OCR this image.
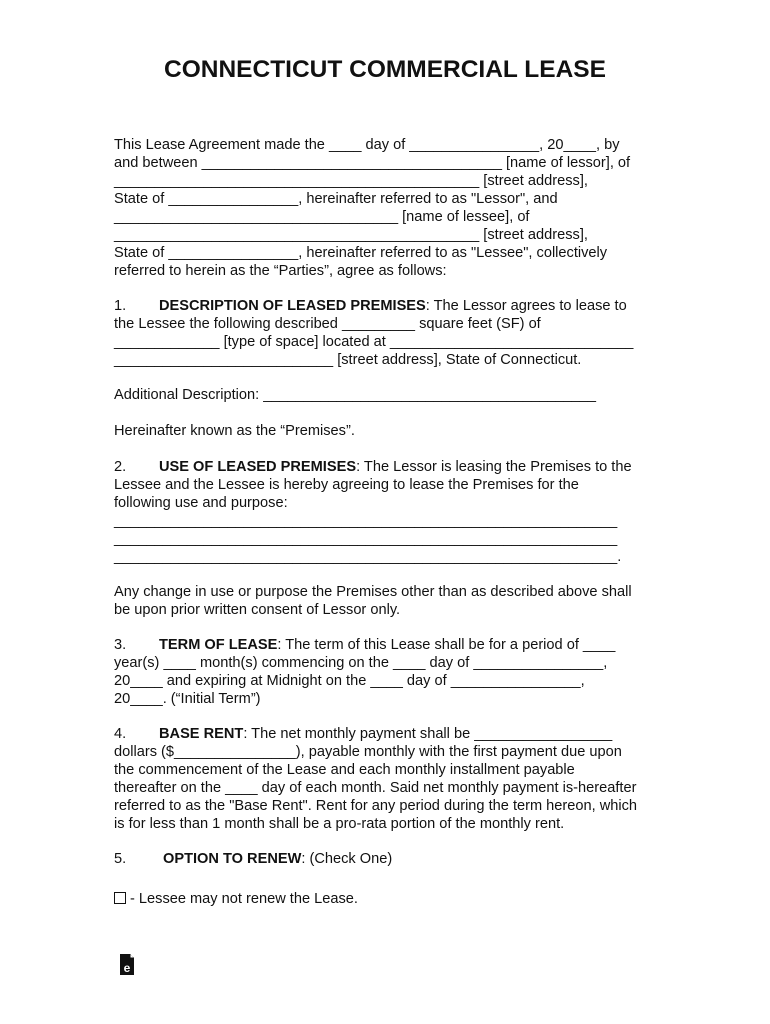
CONNECTICUT COMMERCIAL LEASE
This Lease Agreement made the ____ day of ________________, 20____, by
and between _____________________________________ [name of lessor], of
_____________________________________________ [street address],
State of ________________, hereinafter referred to as "Lessor", and
___________________________________ [name of lessee], of
_____________________________________________ [street address],
State of ________________, hereinafter referred to as "Lessee", collectively
referred to herein as the “Parties”, agree as follows:
1. DESCRIPTION OF LEASED PREMISES: The Lessor agrees to lease to
the Lessee the following described _________ square feet (SF) of
_____________ [type of space] located at ______________________________
___________________________ [street address], State of Connecticut.
Additional Description: _________________________________________
Hereinafter known as the “Premises”.
2. USE OF LEASED PREMISES: The Lessor is leasing the Premises to the
Lessee and the Lessee is hereby agreeing to lease the Premises for the
following use and purpose:
______________________________________________________________
______________________________________________________________
______________________________________________________________.
Any change in use or purpose the Premises other than as described above shall
be upon prior written consent of Lessor only.
3. TERM OF LEASE: The term of this Lease shall be for a period of ____
year(s) ____ month(s) commencing on the ____ day of ________________,
20____ and expiring at Midnight on the ____ day of ________________,
20____. (“Initial Term”)
4. BASE RENT: The net monthly payment shall be _________________
dollars ($_______________), payable monthly with the first payment due upon
the commencement of the Lease and each monthly installment payable
thereafter on the ____ day of each month. Said net monthly payment is-hereafter
referred to as the "Base Rent". Rent for any period during the term hereon, which
is for less than 1 month shall be a pro-rata portion of the monthly rent.
5.	OPTION TO RENEW: (Check One)
- Lessee may not renew the Lease.
e
